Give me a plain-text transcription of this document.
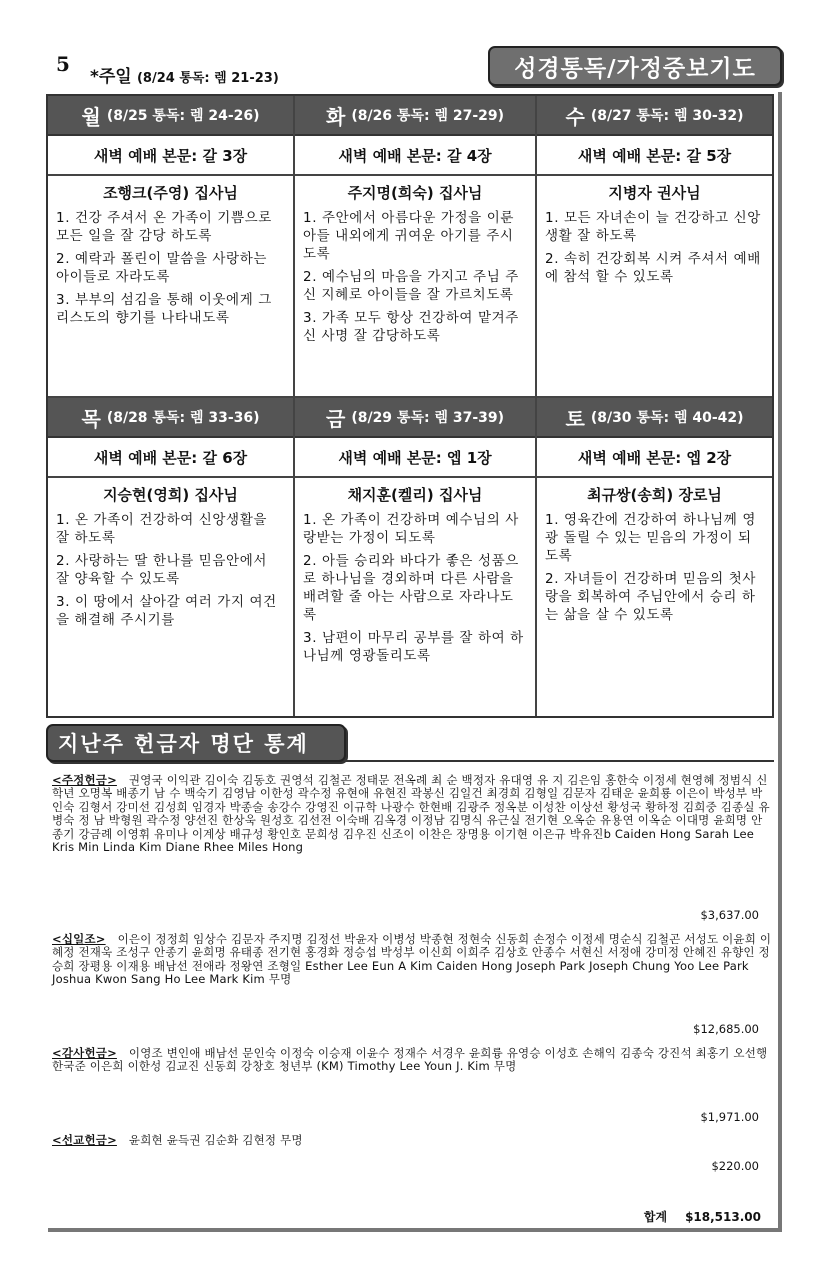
5
*주일 (8/24 통독: 렘 21-23)	성경통독/가정중보기도
월 (8/25 통독: 렘 24-26)
새벽 예배 본문: 갈 3장
조행크(주영) 집사님
1. 건강 주셔서 온 가족이 기쁨으로 모든 일을 잘 감당 하도록
2. 예락과 폴린이 말씀을 사랑하는 아이들로 자라도록
3. 부부의 섬김을 통해 이웃에게 그리스도의 향기를 나타내도록
화 (8/26 통독: 렘 27-29)
새벽 예배 본문: 갈 4장
주지명(희숙) 집사님
1. 주안에서 아름다운 가정을 이룬 아들 내외에게 귀여운 아기를 주시도록
2. 예수님의 마음을 가지고 주님 주신 지혜로 아이들을 잘 가르치도록
3. 가족 모두 항상 건강하여 맡겨주신 사명 잘 감당하도록
수 (8/27 통독: 렘 30-32)
새벽 예배 본문: 갈 5장
지병자 권사님
1. 모든 자녀손이 늘 건강하고 신앙생활 잘 하도록
2. 속히 건강회복 시켜 주셔서 예배에 참석 할 수 있도록
목 (8/28 통독: 렘 33-36)
새벽 예배 본문: 갈 6장
지승현(영희) 집사님
1. 온 가족이 건강하여 신앙생활을 잘 하도록
2. 사랑하는 딸 한나를 믿음안에서 잘 양육할 수 있도록
3. 이 땅에서 살아갈 여러 가지 여건을 해결해 주시기를
금 (8/29 통독: 렘 37-39)
새벽 예배 본문: 엡 1장
채지훈(켈리) 집사님
1. 온 가족이 건강하며 예수님의 사랑받는 가정이 되도록
2. 아들 승리와 바다가 좋은 성품으로 하나님을 경외하며 다른 사람을 배려할 줄 아는 사람으로 자라나도록
3. 남편이 마무리 공부를 잘 하여 하나님께 영광돌리도록
토 (8/30 통독: 렘 40-42)
새벽 예배 본문: 엡 2장
최규쌍(송희) 장로님
1. 영육간에 건강하여 하나님께 영광 돌릴 수 있는 믿음의 가정이 되도록
2. 자녀들이 건강하며 믿음의 첫사랑을 회복하여 주님안에서 승리 하는 삶을 살 수 있도록
지난주 헌금자 명단 통계
<주정헌금> 권영국 이익관 김이숙 김동호 권영석 김철곤 정태문 전옥례 최 순 백정자 유대영 유 지 김은임 홍한숙 이정세 현영혜 정범식 신학년 오명복 배종기 남 수 백숙기 김영남 이한성 곽수정 유현애 유현진 곽봉신 김일건 최경희 김형일 김문자 김태운 윤희룡 이은이 박성부 박인숙 김형서 강미선 김성희 임경자 박종술 송강수 강영진 이규학 나광수 한현배 김광주 정옥분 이성찬 이상선 황성국 황하정 김희중 김종실 유병숙 정 남 박형원 곽수정 양선진 한상욱 원성호 김선전 이숙배 김옥경 이정남 김명식 유근실 전기현 오옥순 유용연 이옥순 이대명 윤희명 안종기 강금례 이영휘 유미나 이계상 배규성 황인호 문희성 김우진 신조이 이찬은 장명용 이기현 이은규 박유진b Caiden Hong Sarah Lee Kris Min Linda Kim Diane Rhee Miles Hong
$3,637.00
<십일조> 이은이 정정희 임상수 김문자 주지명 김정선 박윤자 이병성 박종현 정현숙 신동희 손정수 이정세 명순식 김철곤 서성도 이윤희 이혜정 전재욱 조성구 안종기 윤희명 유태종 전기현 홍경화 정승섭 박성부 이신희 이희주 김상호 안종수 서현신 서정애 강미정 안혜진 유향인 정승희 장평용 이재용 배남선 전애라 정왕연 조형일 Esther Lee Eun A Kim Caiden Hong Joseph Park Joseph Chung Yoo Lee Park Joshua Kwon Sang Ho Lee Mark Kim 무명
$12,685.00
<감사헌금> 이영조 변인애 배남선 문인숙 이정숙 이승재 이윤수 정재수 서경우 윤희륭 유영승 이성호 손해익 김종숙 강진석 최홍기 오선행 한국준 이은희 이한성 김교진 신동희 강창호 청년부 (KM) Timothy Lee Youn J. Kim 무명
$1,971.00
<선교헌금> 윤희현 윤득권 김순화 김현정 무명
$220.00
합계 $18,513.00
